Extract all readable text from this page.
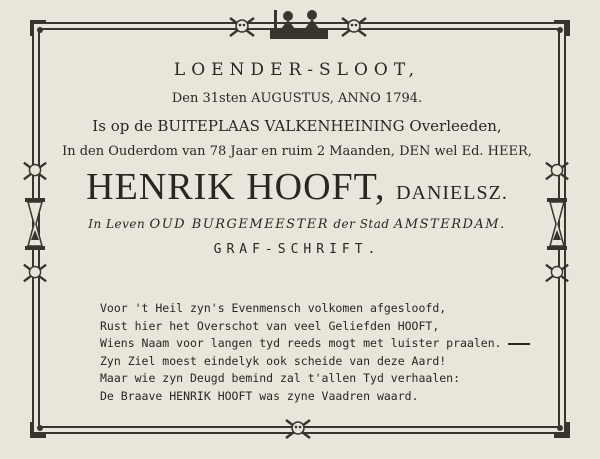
LOENDER-SLOOT,
Den 31sten AUGUSTUS, ANNO 1794.
Is op de BUITEPLAAS VALKENHEINING Overleeden,
In den Ouderdom van 78 Jaar en ruim 2 Maanden, DEN wel Ed. HEER,
HENRIK HOOFT, DANIELSZ.
In Leven OUD BURGEMEESTER der Stad AMSTERDAM.
GRAF-SCHRIFT.
Voor 't Heil zyn's Evenmensch volkomen afgesloofd,
Rust hier het Overschot van veel Geliefden HOOFT,
Wiens Naam voor langen tyd reeds mogt met luister praalen.
Zyn Ziel moest eindelyk ook scheide van deze Aard!
Maar wie zyn Deugd bemind zal t'allen Tyd verhaalen:
De Braave HENRIK HOOFT was zyne Vaadren waard.
